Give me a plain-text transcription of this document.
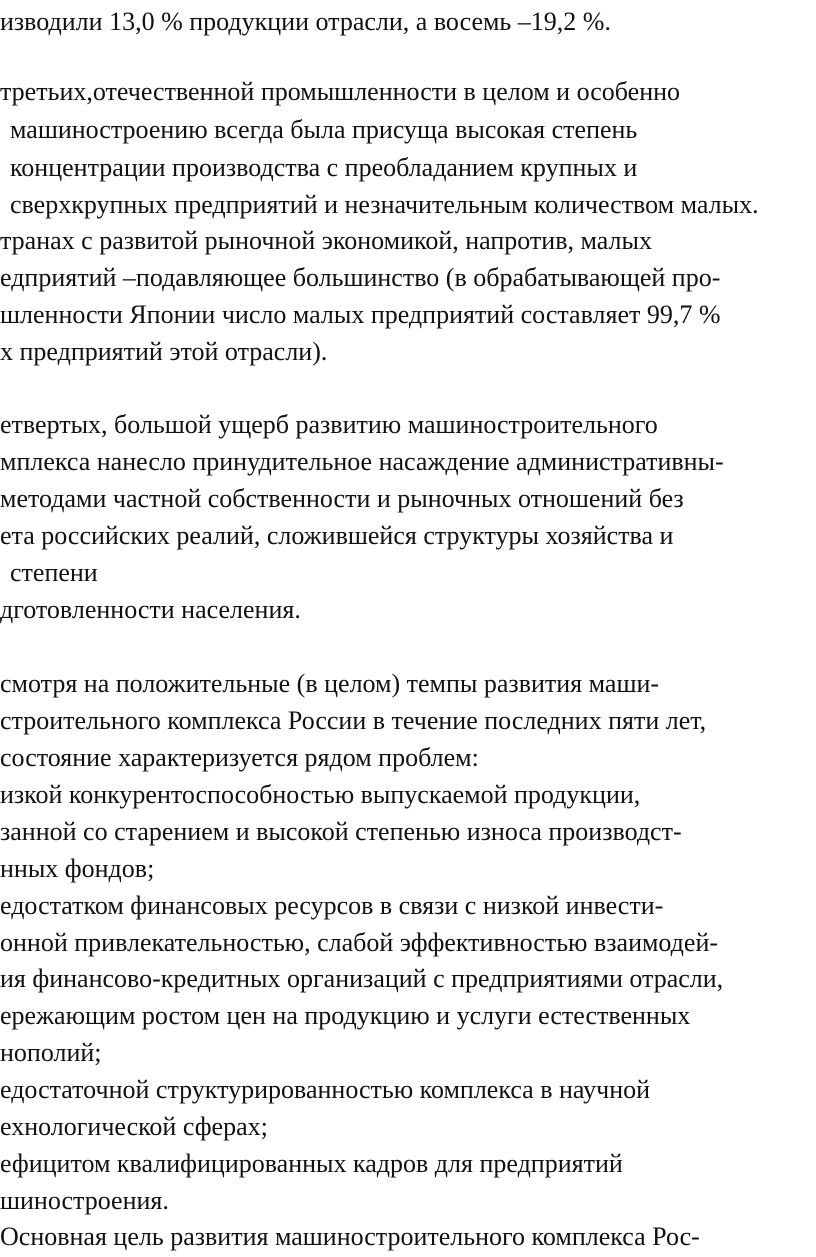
изводили 13,0 % продукции отрасли, а восемь –19,2 %.
третьих,отечественной промышленности в целом и особенно
машиностроению всегда была присуща высокая степень
концентрации производства с преобладанием крупных и
сверхкрупных предприятий и незначительным количеством малых.
транах с развитой рыночной экономикой, напротив, малых
едприятий –подавляющее большинство (в обрабатывающей про-
шленности Японии число малых предприятий составляет 99,7 %
х предприятий этой отрасли).
етвертых, большой ущерб развитию машиностроительного
мплекса нанесло принудительное насаждение административны-
методами частной собственности и рыночных отношений без
ета российских реалий, сложившейся структуры хозяйства и
степени
дготовленности населения.
смотря на положительные (в целом) темпы развития маши-
строительного комплекса России в течение последних пяти лет,
состояние характеризуется рядом проблем:
изкой конкурентоспособностью выпускаемой продукции,
занной со старением и высокой степенью износа производст-
нных фондов;
едостатком финансовых ресурсов в связи с низкой инвести-
онной привлекательностью, слабой эффективностью взаимодей-
ия финансово-кредитных организаций с предприятиями отрасли,
ережающим ростом цен на продукцию и услуги естественных
нополий;
едостаточной структурированностью комплекса в научной
ехнологической сферах;
ефицитом квалифицированных кадров для предприятий
шиностроения.
Основная цель развития машиностроительного комплекса Рос-
